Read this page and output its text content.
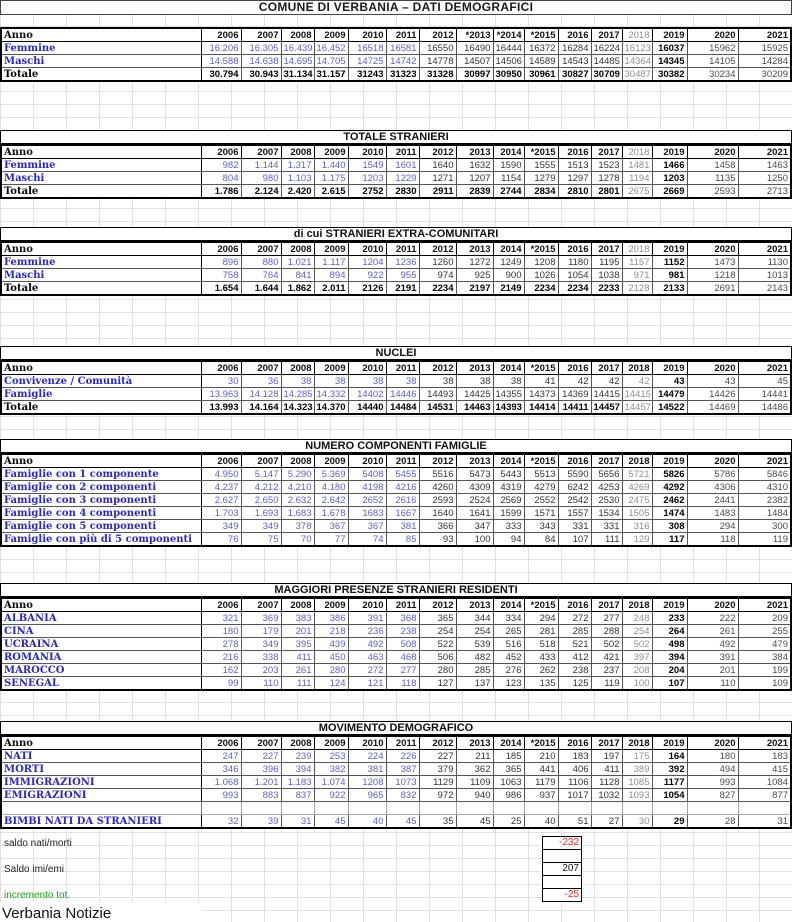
COMUNE DI VERBANIA – DATI DEMOGRAFICI
Anno	2006	2007	2008	2009	2010	2011	2012	*2013	*2014	*2015	2016	2017	2018	2019	2020	2021
Femmine	16.206	16.305	16.439	16.452	16518	16581	16550	16490	16444	16372	16284	16224	16123	16037	15962	15925
Maschi	14.588	14.638	14.695	14.705	14725	14742	14778	14507	14506	14589	14543	14485	14364	14345	14105	14284
Totale	30.794	30.943	31.134	31.157	31243	31323	31328	30997	30950	30961	30827	30709	30487	30382	30234	30209
TOTALE STRANIERI
Anno	2006	2007	2008	2009	2010	2011	2012	2013	2014	*2015	2016	2017	2018	2019	2020	2021
Femmine	982	1.144	1.317	1.440	1549	1601	1640	1632	1590	1555	1513	1523	1481	1466	1458	1463
Maschi	804	980	1.103	1.175	1203	1229	1271	1207	1154	1279	1297	1278	1194	1203	1135	1250
Totale	1.786	2.124	2.420	2.615	2752	2830	2911	2839	2744	2834	2810	2801	2675	2669	2593	2713
di cui STRANIERI EXTRA-COMUNITARI
Anno	2006	2007	2008	2009	2010	2011	2012	2013	2014	*2015	2016	2017	2018	2019	2020	2021
Femmine	896	880	1.021	1.117	1204	1236	1260	1272	1249	1208	1180	1195	1157	1152	1473	1130
Maschi	758	764	841	894	922	955	974	925	900	1026	1054	1038	971	981	1218	1013
Totale	1.654	1.644	1.862	2.011	2126	2191	2234	2197	2149	2234	2234	2233	2128	2133	2691	2143
NUCLEI
Anno	2006	2007	2008	2009	2010	2011	2012	2013	2014	*2015	2016	2017	2018	2019	2020	2021
Convivenze / Comunità	30	36	38	38	38	38	38	38	38	41	42	42	42	43	43	45
Famiglie	13.963	14.128	14.285	14.332	14402	14446	14493	14425	14355	14373	14369	14415	14415	14479	14426	14441
Totale	13.993	14.164	14.323	14.370	14440	14484	14531	14463	14393	14414	14411	14457	14457	14522	14469	14486
NUMERO COMPONENTI FAMIGLIE
Anno	2006	2007	2008	2009	2010	2011	2012	2013	2014	*2015	2016	2017	2018	2019	2020	2021
Famiglie con 1 componente	4.950	5.147	5.290	5.369	5408	5455	5516	5473	5443	5513	5590	5656	5721	5826	5786	5846
Famiglie con 2 componenti	4.237	4.212	4.210	4.180	4198	4216	4260	4309	4319	4279	6242	4253	4269	4292	4306	4310
Famiglie con 3 componenti	2.627	2.650	2.632	2.642	2652	2616	2593	2524	2569	2552	2542	2530	2475	2462	2441	2382
Famiglie con 4 componenti	1.703	1.693	1.683	1.678	1683	1667	1640	1641	1599	1571	1557	1534	1505	1474	1483	1484
Famiglie con 5 componenti	349	349	378	367	367	381	366	347	333	343	331	331	316	308	294	300
Famiglie con più di 5 componenti	76	75	70	77	74	85	93	100	94	84	107	111	129	117	118	119
MAGGIORI PRESENZE STRANIERI RESIDENTI
Anno	2006	2007	2008	2009	2010	2011	2012	2013	2014	*2015	2016	2017	2018	2019	2020	2021
ALBANIA	321	369	383	386	391	368	365	344	334	294	272	277	248	233	222	209
CINA	180	179	201	218	236	238	254	254	265	281	285	288	254	264	261	255
UCRAINA	278	349	395	439	492	508	522	539	516	518	521	502	502	498	492	479
ROMANIA	216	338	411	450	463	468	506	482	452	433	412	421	397	394	391	384
MAROCCO	162	203	261	280	272	277	280	285	276	262	238	237	208	204	201	199
SENEGAL	99	110	111	124	121	118	127	137	123	135	125	119	100	107	110	109
MOVIMENTO DEMOGRAFICO
Anno	2006	2007	2008	2009	2010	2011	2012	2013	2014	*2015	2016	2017	2018	2019	2020	2021
NATI	247	227	239	253	224	226	227	211	185	210	183	197	175	164	180	183
MORTI	346	396	394	382	381	387	379	362	365	441	406	411	389	392	494	415
IMMIGRAZIONI	1.068	1.201	1.183	1.074	1208	1073	1129	1109	1063	1179	1106	1128	1085	1177	993	1084
EMIGRAZIONI	993	883	837	922	965	832	972	940	986	937	1017	1032	1093	1054	827	877

BIMBI NATI DA STRANIERI	32	39	31	45	40	45	35	45	25	40	51	27	30	29	28	31
saldo nati/morti	-232
Saldo imi/emi	207
incremento tot.	-25
Verbania Notizie
